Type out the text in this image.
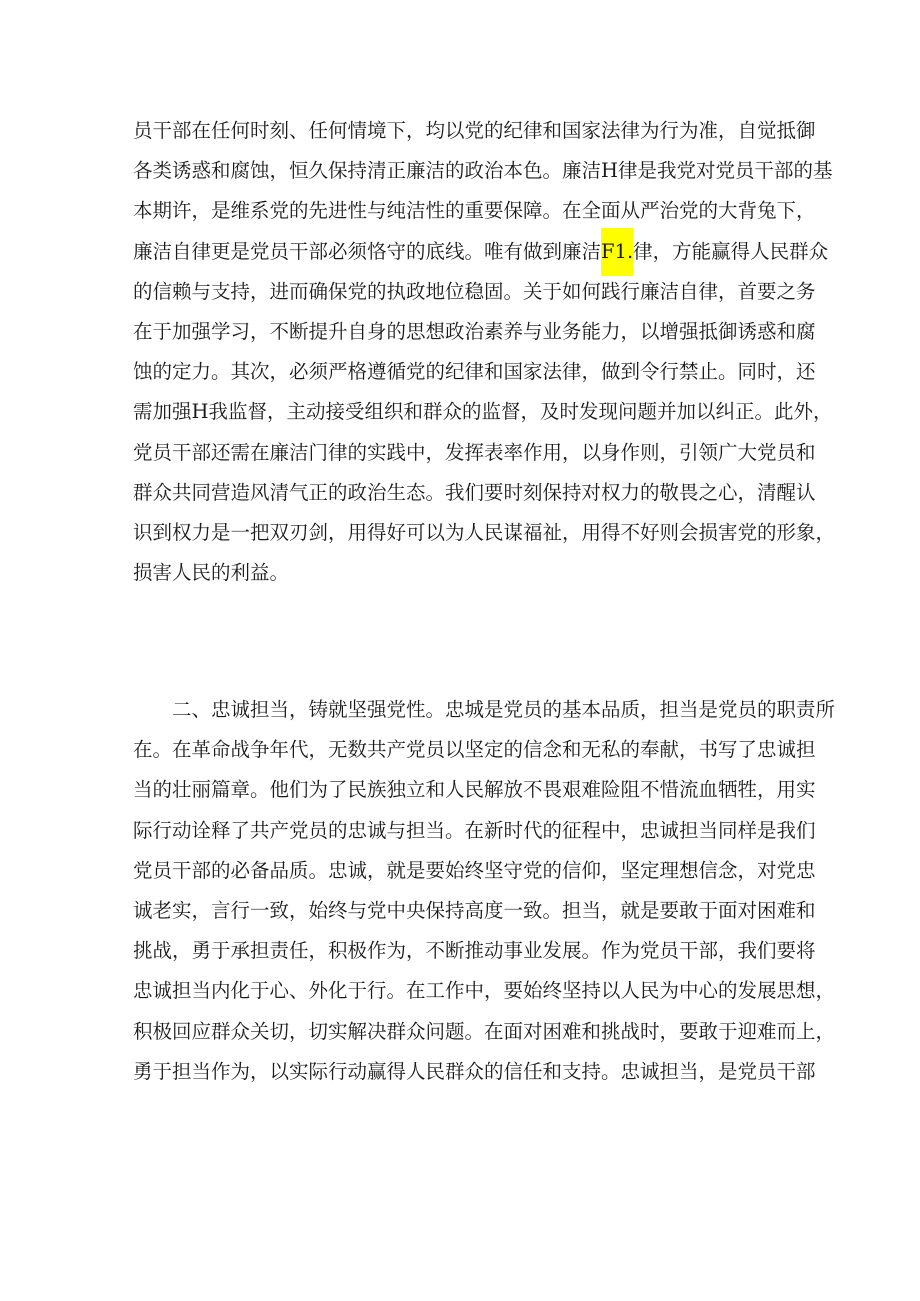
员干部在任何时刻、任何情境下，均以党的纪律和国家法律为行为准，自觉抵御
各类诱惑和腐蚀，恒久保持清正廉洁的政治本色。廉洁H律是我党对党员干部的基
本期许，是维系党的先进性与纯洁性的重要保障。在全面从严治党的大背兔下，
廉洁自律更是党员干部必须恪守的底线。唯有做到廉洁F1.律，方能赢得人民群众
的信赖与支持，进而确保党的执政地位稳固。关于如何践行廉洁自律，首要之务
在于加强学习，不断提升自身的思想政治素养与业务能力，以增强抵御诱惑和腐
蚀的定力。其次，必须严格遵循党的纪律和国家法律，做到令行禁止。同时，还
需加强H我监督，主动接受组织和群众的监督，及时发现问题并加以纠正。此外，
党员干部还需在廉洁门律的实践中，发挥表率作用，以身作则，引领广大党员和
群众共同营造风清气正的政治生态。我们要时刻保持对权力的敬畏之心，清醒认
识到权力是一把双刃剑，用得好可以为人民谋福祉，用得不好则会损害党的形象，
损害人民的利益。
二、忠诚担当，铸就坚强党性。忠城是党员的基本品质，担当是党员的职责所
在。在革命战争年代，无数共产党员以坚定的信念和无私的奉献，书写了忠诚担
当的壮丽篇章。他们为了民族独立和人民解放不畏艰难险阻不惜流血牺牲，用实
际行动诠释了共产党员的忠诚与担当。在新时代的征程中，忠诚担当同样是我们
党员干部的必备品质。忠诚，就是要始终坚守党的信仰，坚定理想信念，对党忠
诚老实，言行一致，始终与党中央保持高度一致。担当，就是要敢于面对困难和
挑战，勇于承担责任，积极作为，不断推动事业发展。作为党员干部，我们要将
忠诚担当内化于心、外化于行。在工作中，要始终坚持以人民为中心的发展思想，
积极回应群众关切，切实解决群众问题。在面对困难和挑战时，要敢于迎难而上，
勇于担当作为，以实际行动赢得人民群众的信任和支持。忠诚担当，是党员干部
